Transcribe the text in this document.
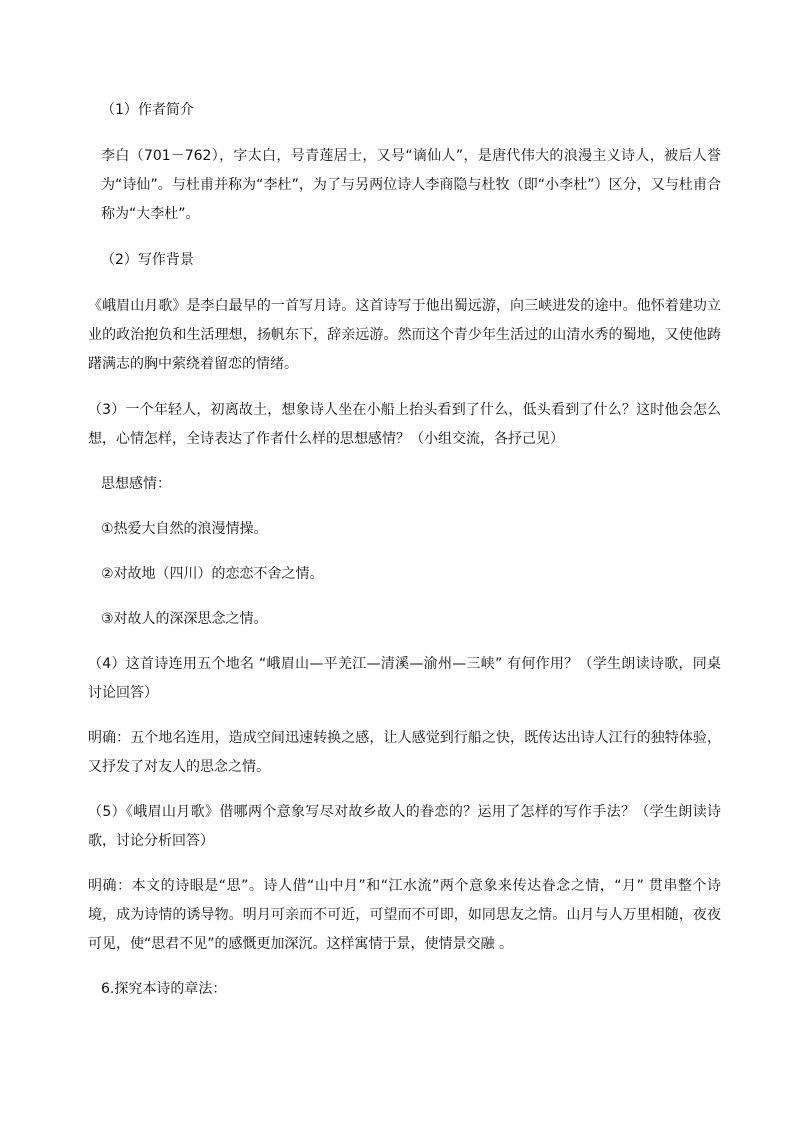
（1）作者简介

李白（701－762），字太白，号青莲居士，又号“谪仙人”，是唐代伟大的浪漫主义诗人，被后人誉为“诗仙”。与杜甫并称为“李杜”，为了与另两位诗人李商隐与杜牧（即“小李杜”）区分，又与杜甫合称为“大李杜”。

（2）写作背景

《峨眉山月歌》是李白最早的一首写月诗。这首诗写于他出蜀远游，向三峡进发的途中。他怀着建功立业的政治抱负和生活理想，扬帆东下，辞亲远游。然而这个青少年生活过的山清水秀的蜀地，又使他踌躇满志的胸中萦绕着留恋的情绪。

（3）一个年轻人，初离故土，想象诗人坐在小船上抬头看到了什么，低头看到了什么？这时他会怎么想，心情怎样，全诗表达了作者什么样的思想感情？（小组交流，各抒己见）

思想感情：

①热爱大自然的浪漫情操。

②对故地（四川）的恋恋不舍之情。

③对故人的深深思念之情。

（4）这首诗连用五个地名 “峨眉山—平羌江—清溪—渝州—三峡” 有何作用？（学生朗读诗歌，同桌讨论回答）

明确：五个地名连用，造成空间迅速转换之感，让人感觉到行船之快，既传达出诗人江行的独特体验，又抒发了对友人的思念之情。

（5）《峨眉山月歌》借哪两个意象写尽对故乡故人的眷恋的？运用了怎样的写作手法？（学生朗读诗歌，讨论分析回答）

明确：本文的诗眼是“思”。诗人借“山中月”和“江水流”两个意象来传达眷念之情，“月” 贯串整个诗境，成为诗情的诱导物。明月可亲而不可近，可望而不可即，如同思友之情。山月与人万里相随，夜夜可见，使“思君不见”的感慨更加深沉。这样寓情于景，使情景交融 。

6.探究本诗的章法：
